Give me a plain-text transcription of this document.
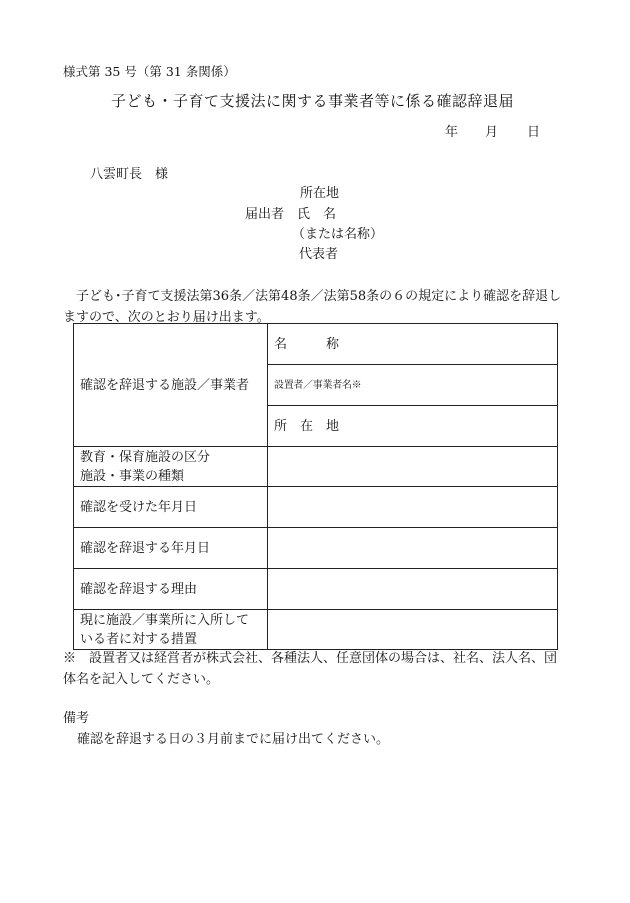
様式第 35 号（第 31 条関係）
子ども・子育て支援法に関する事業者等に係る確認辞退届
年 月 日
八雲町長　様
所在地
届出者 氏　名
（または名称）
代表者
子ども･子育て支援法第36条／法第48条／法第58条の６の規定により確認を辞退しますので、次のとおり届け出ます。
確認を辞退する施設／事業者	名　　　称
	設置者／事業者名※
	所　在　地

教育・保育施設の区分
施設・事業の種類	

確認を受けた年月日	
確認を辞退する年月日	
確認を辞退する理由	

現に施設／事業所に入所して
いる者に対する措置	

※　設置者又は経営者が株式会社、各種法人、任意団体の場合は、社名、法人名、団
体名を記入してください。
備考
確認を辞退する日の３月前までに届け出てください。
